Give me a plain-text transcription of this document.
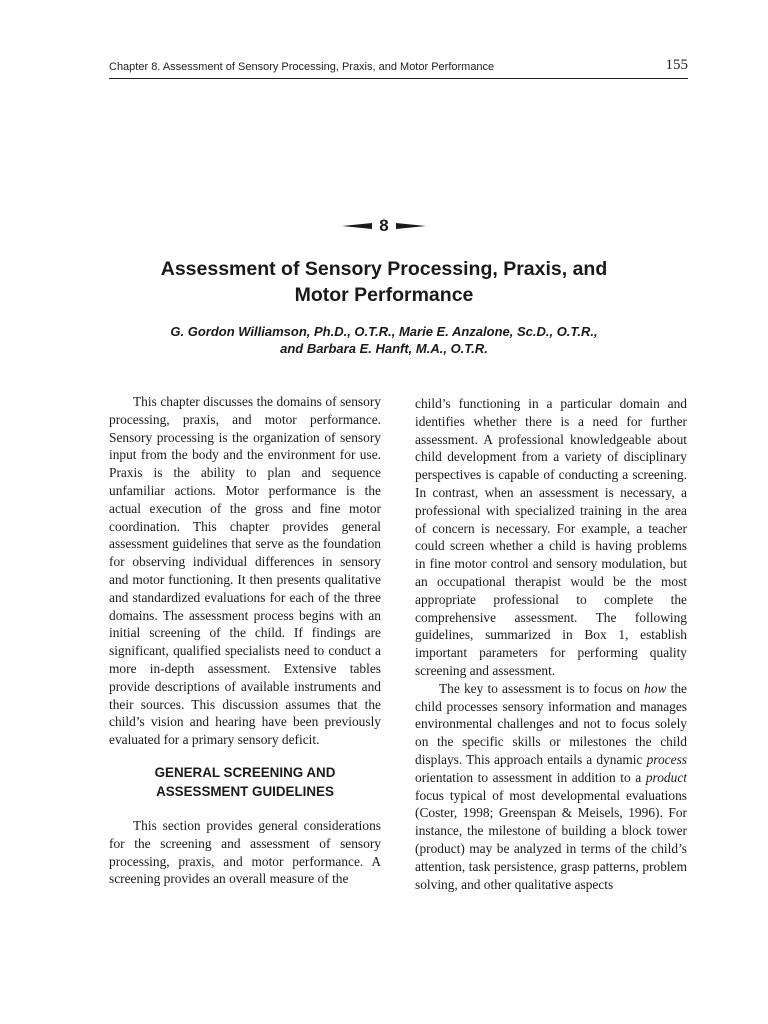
Chapter 8. Assessment of Sensory Processing, Praxis, and Motor Performance	155
8
Assessment of Sensory Processing, Praxis, and
Motor Performance
G. Gordon Williamson, Ph.D., O.T.R., Marie E. Anzalone, Sc.D., O.T.R.,
and Barbara E. Hanft, M.A., O.T.R.

This chapter discusses the domains of sensory processing, praxis, and motor performance. Sensory processing is the organization of sensory input from the body and the environment for use. Praxis is the ability to plan and sequence unfamiliar actions. Motor performance is the actual execution of the gross and fine motor coordination. This chapter provides general assessment guidelines that serve as the foundation for observing individual differences in sensory and motor functioning. It then presents qualitative and standardized evaluations for each of the three domains. The assessment process begins with an initial screening of the child. If findings are significant, qualified specialists need to conduct a more in-depth assessment. Extensive tables provide descriptions of available instruments and their sources. This discussion assumes that the child’s vision and hearing have been previously evaluated for a primary sensory deficit.

GENERAL SCREENING AND
ASSESSMENT GUIDELINES

This section provides general considerations for the screening and assessment of sensory processing, praxis, and motor performance. A screening provides an overall measure of the

child’s functioning in a particular domain and identifies whether there is a need for further assessment. A professional knowledgeable about child development from a variety of disciplinary perspectives is capable of conducting a screening. In contrast, when an assessment is necessary, a professional with specialized training in the area of concern is necessary. For example, a teacher could screen whether a child is having problems in fine motor control and sensory modulation, but an occupational therapist would be the most appropriate professional to complete the comprehensive assessment. The following guidelines, summarized in Box 1, establish important parameters for performing quality screening and assessment.

The key to assessment is to focus on how the child processes sensory information and manages environmental challenges and not to focus solely on the specific skills or milestones the child displays. This approach entails a dynamic process orientation to assessment in addition to a product focus typical of most developmental evaluations (Coster, 1998; Greenspan & Meisels, 1996). For instance, the milestone of building a block tower (product) may be analyzed in terms of the child’s attention, task persistence, grasp patterns, problem solving, and other qualitative aspects
